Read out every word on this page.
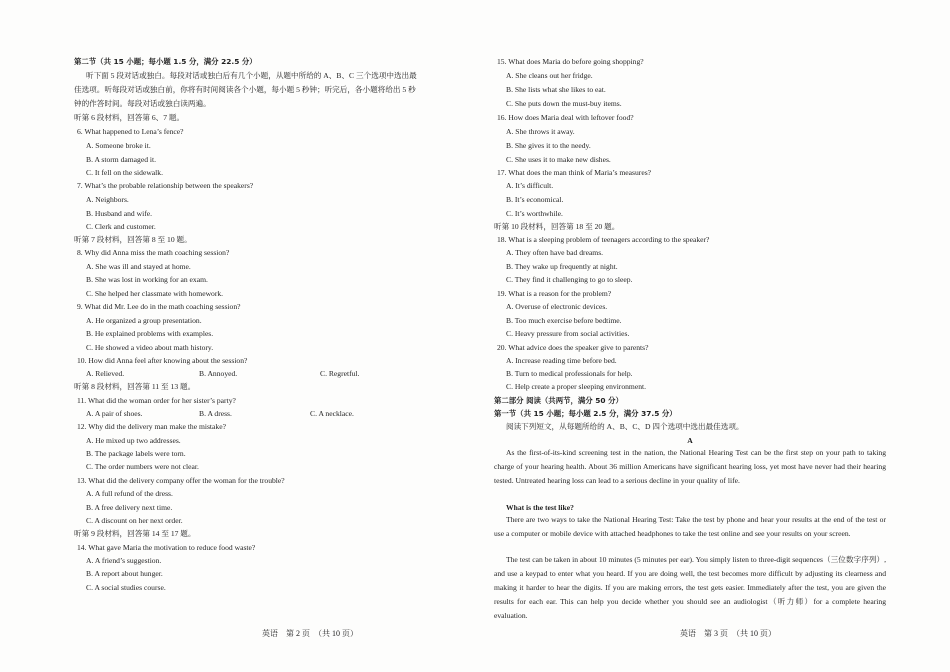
第二节（共 15 小题；每小题 1.5 分，满分 22.5 分）
听下面 5 段对话或独白。每段对话或独白后有几个小题，从题中所给的 A、B、C 三个选项中选出最
佳选项。听每段对话或独白前，你将有时间阅读各个小题，每小题 5 秒钟；听完后，各小题将给出 5 秒
钟的作答时间。每段对话或独白读两遍。
听第 6 段材料，回答第 6、7 题。
6. What happened to Lena’s fence?
A. Someone broke it.
B. A storm damaged it.
C. It fell on the sidewalk.
7. What’s the probable relationship between the speakers?
A. Neighbors.
B. Husband and wife.
C. Clerk and customer.
听第 7 段材料，回答第 8 至 10 题。
8. Why did Anna miss the math coaching session?
A. She was ill and stayed at home.
B. She was lost in working for an exam.
C. She helped her classmate with homework.
9. What did Mr. Lee do in the math coaching session?
A. He organized a group presentation.
B. He explained problems with examples.
C. He showed a video about math history.
10. How did Anna feel after knowing about the session?
A. Relieved.	B. Annoyed.	C. Regretful.
听第 8 段材料，回答第 11 至 13 题。
11. What did the woman order for her sister’s party?
A. A pair of shoes.	B. A dress.	C. A necklace.
12. Why did the delivery man make the mistake?
A. He mixed up two addresses.
B. The package labels were torn.
C. The order numbers were not clear.
13. What did the delivery company offer the woman for the trouble?
A. A full refund of the dress.
B. A free delivery next time.
C. A discount on her next order.
听第 9 段材料，回答第 14 至 17 题。
14. What gave Maria the motivation to reduce food waste?
A. A friend’s suggestion.
B. A report about hunger.
C. A social studies course.
15. What does Maria do before going shopping?
A. She cleans out her fridge.
B. She lists what she likes to eat.
C. She puts down the must-buy items.
16. How does Maria deal with leftover food?
A. She throws it away.
B. She gives it to the needy.
C. She uses it to make new dishes.
17. What does the man think of Maria’s measures?
A. It’s difficult.
B. It’s economical.
C. It’s worthwhile.
听第 10 段材料，回答第 18 至 20 题。
18. What is a sleeping problem of teenagers according to the speaker?
A. They often have bad dreams.
B. They wake up frequently at night.
C. They find it challenging to go to sleep.
19. What is a reason for the problem?
A. Overuse of electronic devices.
B. Too much exercise before bedtime.
C. Heavy pressure from social activities.
20. What advice does the speaker give to parents?
A. Increase reading time before bed.
B. Turn to medical professionals for help.
C. Help create a proper sleeping environment.
第二部分 阅读（共两节，满分 50 分）
第一节（共 15 小题；每小题 2.5 分，满分 37.5 分）
阅读下列短文，从每题所给的 A、B、C、D 四个选项中选出最佳选项。
A
As the first-of-its-kind screening test in the nation, the National Hearing Test can be the first step on your path to taking charge of your hearing health. About 36 million Americans have significant hearing loss, yet most have never had their hearing tested. Untreated hearing loss can lead to a serious decline in your quality of life.
What is the test like?
There are two ways to take the National Hearing Test: Take the test by phone and hear your results at the end of the test or use a computer or mobile device with attached headphones to take the test online and see your results on your screen.
The test can be taken in about 10 minutes (5 minutes per ear). You simply listen to three-digit sequences（三位数字序列）, and use a keypad to enter what you heard. If you are doing well, the test becomes more difficult by adjusting its clearness and making it harder to hear the digits. If you are making errors, the test gets easier. Immediately after the test, you are given the results for each ear. This can help you decide whether you should see an audiologist（听力师）for a complete hearing evaluation.
英语　第 2 页　（共 10 页）	英语　第 3 页　（共 10 页）
